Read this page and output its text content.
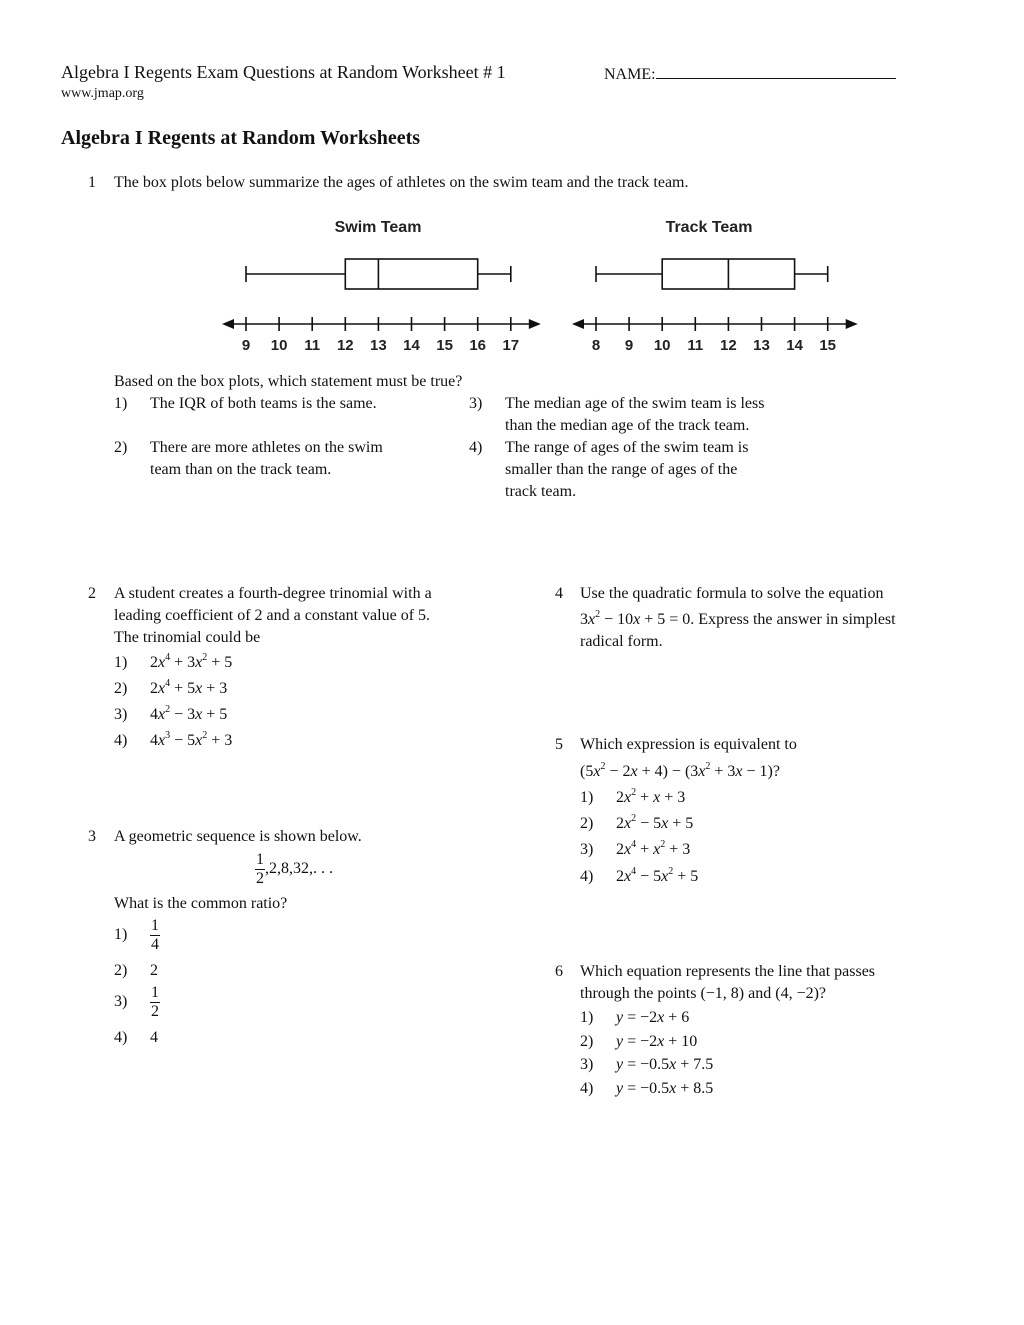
Algebra I Regents Exam Questions at Random Worksheet # 1	NAME:
www.jmap.org
Algebra I Regents at Random Worksheets
1 The box plots below summarize the ages of athletes on the swim team and the track team.
Swim Team
9 10 11 12 13 14 15 16 17
Track Team
8 9 10 11 12 13 14 15
Based on the box plots, which statement must be true?
1) The IQR of both teams is the same.
2) There are more athletes on the swim
team than on the track team.
3) The median age of the swim team is less
than the median age of the track team.
4) The range of ages of the swim team is
smaller than the range of ages of the
track team.
2 A student creates a fourth-degree trinomial with a
leading coefficient of 2 and a constant value of 5.
The trinomial could be
1) $2x^4 + 3x^2 + 5$
2) $2x^4 + 5x + 3$
3) $4x^2 - 3x + 5$
4) $4x^3 - 5x^2 + 3$
3 A geometric sequence is shown below.
$\frac{1}{2} ,2,8,32$,. . .
What is the common ratio?
$1) \frac{1}{4}$
2) 2
$3) \frac{1}{2}$
4) 4
4 Use the quadratic formula to solve the equation
$3x^2 - 10x + 5 = 0$. Express the answer in simplest
radical form.
5 Which expression is equivalent to
$(5x^2 - 2x + 4) - (3x^2 + 3x - 1)$?
1) $2x^2 + x + 3$
2) $2x^2 - 5x + 5$
3) $2x^4 + x^2 + 3$
4) $2x^4 - 5x^2 + 5$
6 Which equation represents the line that passes
through the points (−1, 8) and (4, −2)?
1) y = −2x + 6
2) y = −2x + 10
3) y = −0.5x + 7.5
4) y = −0.5x + 8.5
